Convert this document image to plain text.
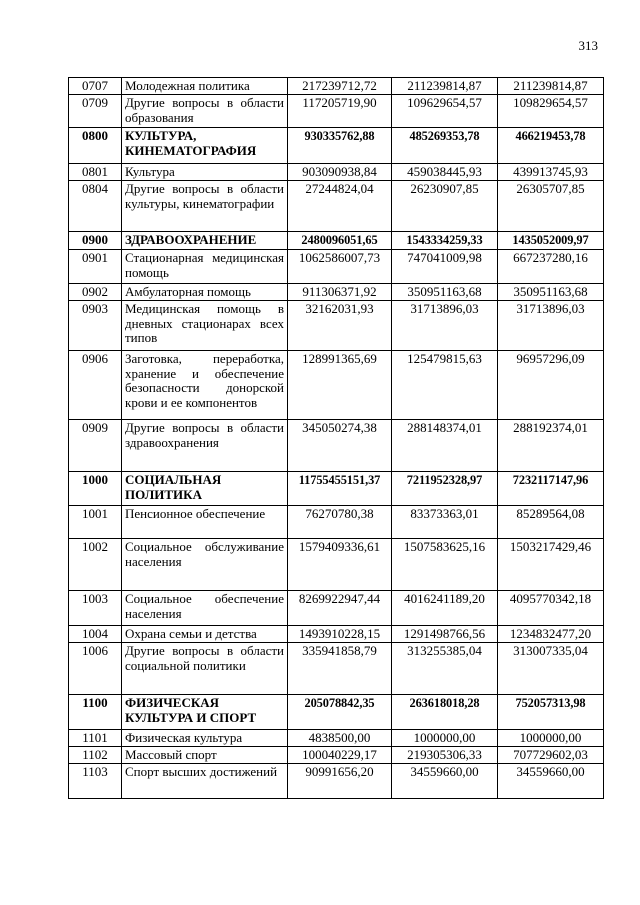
313
0707	Молодежная политика	217239712,72	211239814,87	211239814,87
0709	Другие вопросы в области образования	117205719,90	109629654,57	109829654,57
0800	КУЛЬТУРА, КИНЕМАТОГРАФИЯ	930335762,88	485269353,78	466219453,78
0801	Культура	903090938,84	459038445,93	439913745,93
0804	Другие вопросы в области культуры, кинематографии	27244824,04	26230907,85	26305707,85
0900	ЗДРАВООХРАНЕНИЕ	2480096051,65	1543334259,33	1435052009,97
0901	Стационарная медицинская помощь	1062586007,73	747041009,98	667237280,16
0902	Амбулаторная помощь	911306371,92	350951163,68	350951163,68
0903	Медицинская помощь в дневных стационарах всех типов	32162031,93	31713896,03	31713896,03
0906	Заготовка, переработка, хранение и обеспечение безопасности донорской крови и ее компонентов	128991365,69	125479815,63	96957296,09
0909	Другие вопросы в области здравоохранения	345050274,38	288148374,01	288192374,01
1000	СОЦИАЛЬНАЯ ПОЛИТИКА	11755455151,37	7211952328,97	7232117147,96
1001	Пенсионное обеспечение	76270780,38	83373363,01	85289564,08
1002	Социальное обслуживание населения	1579409336,61	1507583625,16	1503217429,46
1003	Социальное обеспечение населения	8269922947,44	4016241189,20	4095770342,18
1004	Охрана семьи и детства	1493910228,15	1291498766,56	1234832477,20
1006	Другие вопросы в области социальной политики	335941858,79	313255385,04	313007335,04
1100	ФИЗИЧЕСКАЯ КУЛЬТУРА И СПОРТ	205078842,35	263618018,28	752057313,98
1101	Физическая культура	4838500,00	1000000,00	1000000,00
1102	Массовый спорт	100040229,17	219305306,33	707729602,03
1103	Спорт высших достижений	90991656,20	34559660,00	34559660,00
